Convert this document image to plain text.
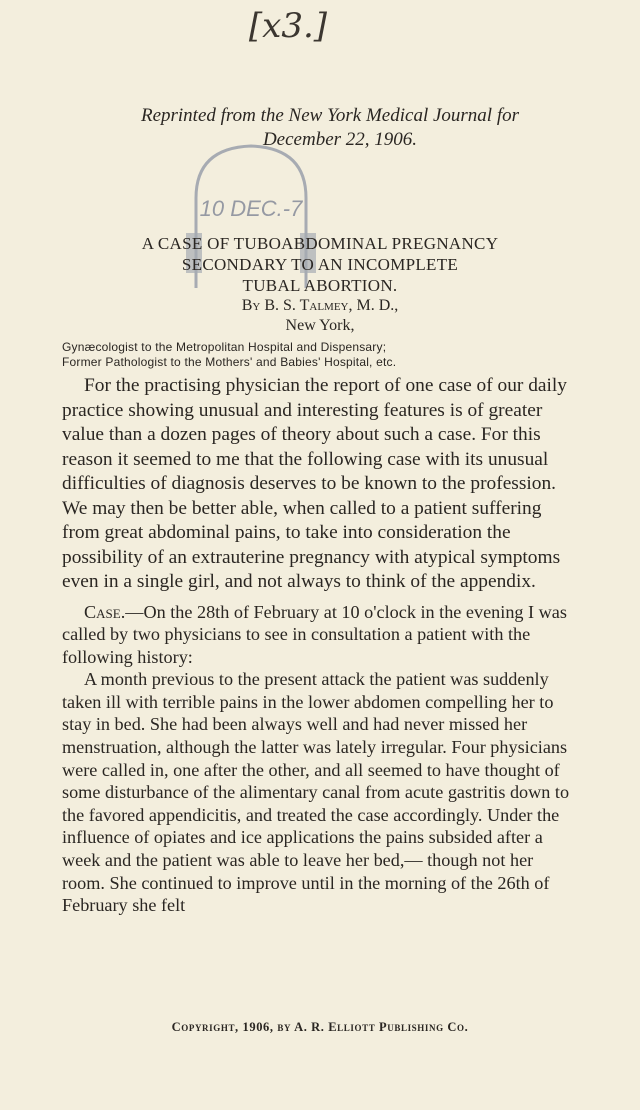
[x3.]
Reprinted from the New York Medical Journal for
December 22, 1906.
10 DEC.-7
A CASE OF TUBOABDOMINAL PREGNANCY
SECONDARY TO AN INCOMPLETE
TUBAL ABORTION.
By B. S. Talmey, M. D.,
New York,
Gynæcologist to the Metropolitan Hospital and Dispensary;
Former Pathologist to the Mothers' and Babies' Hospital, etc.

For the practising physician the report of one case of our daily practice showing unusual and interesting features is of greater value than a dozen pages of theory about such a case. For this reason it seemed to me that the following case with its unusual difficulties of diagnosis deserves to be known to the profession. We may then be better able, when called to a patient suffering from great abdominal pains, to take into consideration the possibility of an extrauterine pregnancy with atypical symptoms even in a single girl, and not always to think of the appendix.

Case.—On the 28th of February at 10 o'clock in the evening I was called by two physicians to see in consultation a patient with the following history:

A month previous to the present attack the patient was suddenly taken ill with terrible pains in the lower abdomen compelling her to stay in bed. She had been always well and had never missed her menstruation, although the latter was lately irregular. Four physicians were called in, one after the other, and all seemed to have thought of some disturbance of the alimentary canal from acute gastritis down to the favored appendicitis, and treated the case accordingly. Under the influence of opiates and ice applications the pains subsided after a week and the patient was able to leave her bed,— though not her room. She continued to improve until in the morning of the 26th of February she felt

Copyright, 1906, by A. R. Elliott Publishing Co.
